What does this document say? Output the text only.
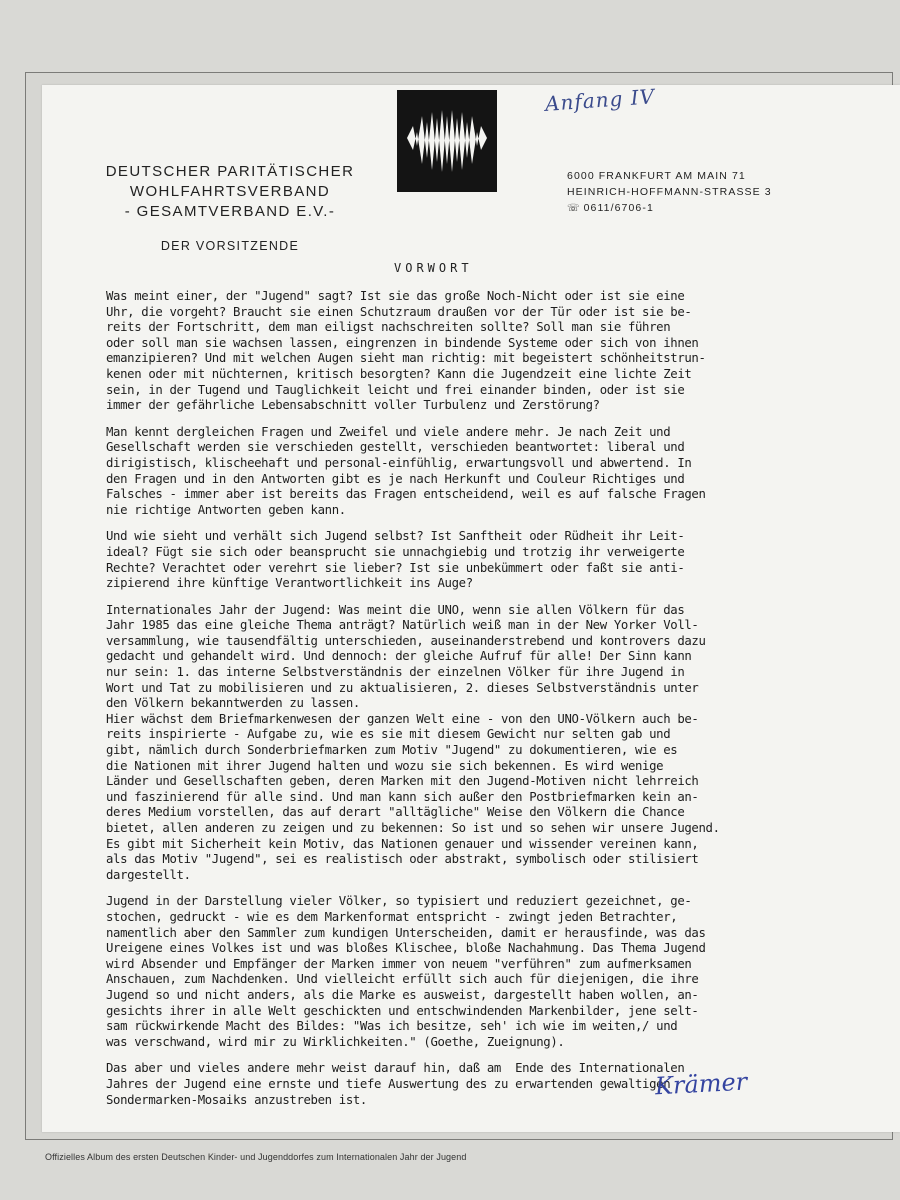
Anfang IV
DEUTSCHER PARITÄTISCHER
WOHLFAHRTSVERBAND
- GESAMTVERBAND E.V.-
DER VORSITZENDE
6000 FRANKFURT AM MAIN 71
HEINRICH-HOFFMANN-STRASSE 3
☏ 0611/6706-1
VORWORT
Was meint einer, der "Jugend" sagt? Ist sie das große Noch-Nicht oder ist sie eine
Uhr, die vorgeht? Braucht sie einen Schutzraum draußen vor der Tür oder ist sie be-
reits der Fortschritt, dem man eiligst nachschreiten sollte? Soll man sie führen
oder soll man sie wachsen lassen, eingrenzen in bindende Systeme oder sich von ihnen
emanzipieren? Und mit welchen Augen sieht man richtig: mit begeistert schönheitstrun-
kenen oder mit nüchternen, kritisch besorgten? Kann die Jugendzeit eine lichte Zeit
sein, in der Tugend und Tauglichkeit leicht und frei einander binden, oder ist sie
immer der gefährliche Lebensabschnitt voller Turbulenz und Zerstörung?
Man kennt dergleichen Fragen und Zweifel und viele andere mehr. Je nach Zeit und
Gesellschaft werden sie verschieden gestellt, verschieden beantwortet: liberal und
dirigistisch, klischeehaft und personal-einfühlig, erwartungsvoll und abwertend. In
den Fragen und in den Antworten gibt es je nach Herkunft und Couleur Richtiges und
Falsches - immer aber ist bereits das Fragen entscheidend, weil es auf falsche Fragen
nie richtige Antworten geben kann.
Und wie sieht und verhält sich Jugend selbst? Ist Sanftheit oder Rüdheit ihr Leit-
ideal? Fügt sie sich oder beansprucht sie unnachgiebig und trotzig ihr verweigerte
Rechte? Verachtet oder verehrt sie lieber? Ist sie unbekümmert oder faßt sie anti-
zipierend ihre künftige Verantwortlichkeit ins Auge?
Internationales Jahr der Jugend: Was meint die UNO, wenn sie allen Völkern für das
Jahr 1985 das eine gleiche Thema anträgt? Natürlich weiß man in der New Yorker Voll-
versammlung, wie tausendfältig unterschieden, auseinanderstrebend und kontrovers dazu
gedacht und gehandelt wird. Und dennoch: der gleiche Aufruf für alle! Der Sinn kann
nur sein: 1. das interne Selbstverständnis der einzelnen Völker für ihre Jugend in
Wort und Tat zu mobilisieren und zu aktualisieren, 2. dieses Selbstverständnis unter
den Völkern bekanntwerden zu lassen.
Hier wächst dem Briefmarkenwesen der ganzen Welt eine - von den UNO-Völkern auch be-
reits inspirierte - Aufgabe zu, wie es sie mit diesem Gewicht nur selten gab und
gibt, nämlich durch Sonderbriefmarken zum Motiv "Jugend" zu dokumentieren, wie es
die Nationen mit ihrer Jugend halten und wozu sie sich bekennen. Es wird wenige
Länder und Gesellschaften geben, deren Marken mit den Jugend-Motiven nicht lehrreich
und faszinierend für alle sind. Und man kann sich außer den Postbriefmarken kein an-
deres Medium vorstellen, das auf derart "alltägliche" Weise den Völkern die Chance
bietet, allen anderen zu zeigen und zu bekennen: So ist und so sehen wir unsere Jugend.
Es gibt mit Sicherheit kein Motiv, das Nationen genauer und wissender vereinen kann,
als das Motiv "Jugend", sei es realistisch oder abstrakt, symbolisch oder stilisiert
dargestellt.
Jugend in der Darstellung vieler Völker, so typisiert und reduziert gezeichnet, ge-
stochen, gedruckt - wie es dem Markenformat entspricht - zwingt jeden Betrachter,
namentlich aber den Sammler zum kundigen Unterscheiden, damit er herausfinde, was das
Ureigene eines Volkes ist und was bloßes Klischee, bloße Nachahmung. Das Thema Jugend
wird Absender und Empfänger der Marken immer von neuem "verführen" zum aufmerksamen
Anschauen, zum Nachdenken. Und vielleicht erfüllt sich auch für diejenigen, die ihre
Jugend so und nicht anders, als die Marke es ausweist, dargestellt haben wollen, an-
gesichts ihrer in alle Welt geschickten und entschwindenden Markenbilder, jene selt-
sam rückwirkende Macht des Bildes: "Was ich besitze, seh' ich wie im weiten,/ und
was verschwand, wird mir zu Wirklichkeiten." (Goethe, Zueignung).
Das aber und vieles andere mehr weist darauf hin, daß am  Ende des Internationalen
Jahres der Jugend eine ernste und tiefe Auswertung des zu erwartenden gewaltigen
Sondermarken-Mosaiks anzustreben ist.	Krämer
Offizielles Album des ersten Deutschen Kinder- und Jugenddorfes zum Internationalen Jahr der Jugend
